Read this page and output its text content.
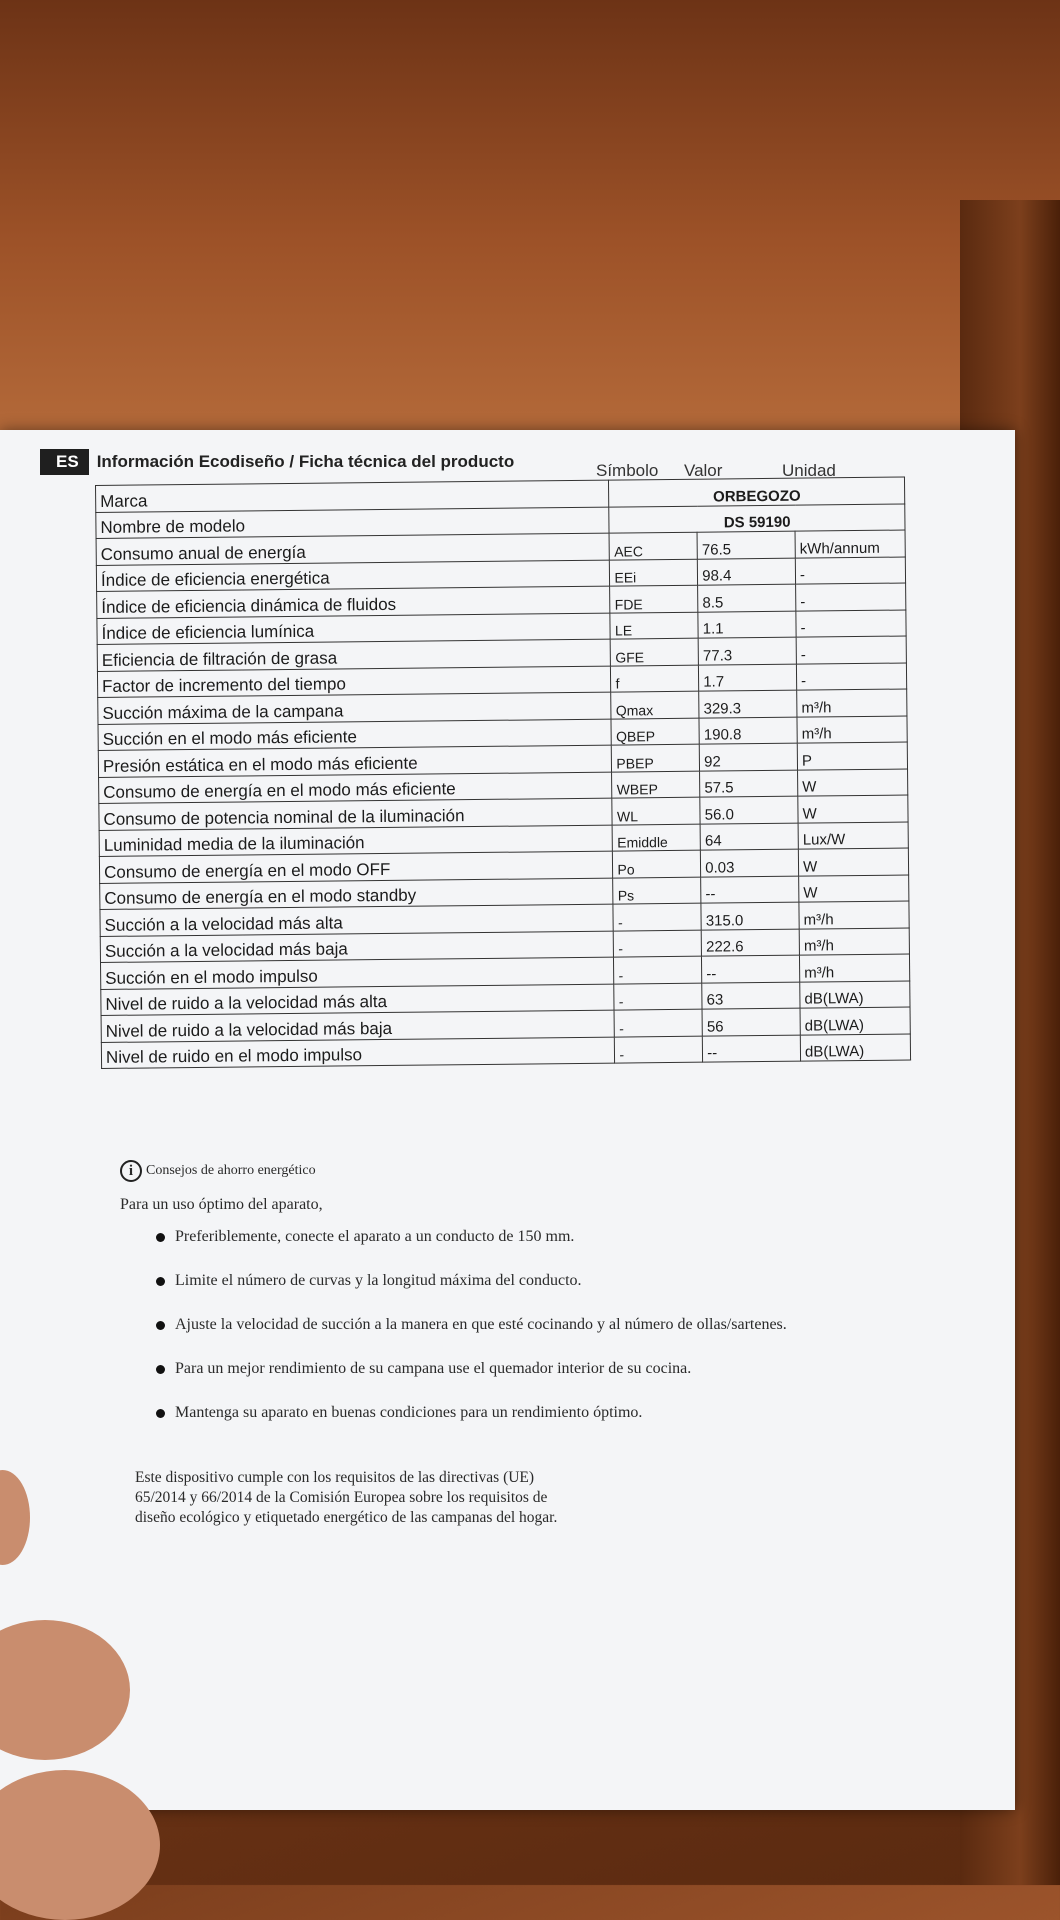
ES	Información Ecodiseño / Ficha técnica del producto	Símbolo Valor	Unidad
Marca	ORBEGOZO		
Nombre de modelo	DS 59190		
Consumo anual de energía	AEC	76.5	kWh/annum
Índice de eficiencia energética	EEi	98.4	-
Índice de eficiencia dinámica de fluidos	FDE	8.5	-
Índice de eficiencia lumínica	LE	1.1	-
Eficiencia de filtración de grasa	GFE	77.3	-
Factor de incremento del tiempo	f	1.7	-
Succión máxima de la campana	Qmax	329.3	m³/h
Succión en el modo más eficiente	QBEP	190.8	m³/h
Presión estática en el modo más eficiente	PBEP	92	P
Consumo de energía en el modo más eficiente	WBEP	57.5	W
Consumo de potencia nominal de la iluminación	WL	56.0	W
Luminidad media de la iluminación	Emiddle	64	Lux/W
Consumo de energía en el modo OFF	Po	0.03	W
Consumo de energía en el modo standby	Ps	--	W
Succión a la velocidad más alta	-	315.0	m³/h
Succión a la velocidad más baja	-	222.6	m³/h
Succión en el modo impulso	-	--	m³/h
Nivel de ruido a la velocidad más alta	-	63	dB(LWA)
Nivel de ruido a la velocidad más baja	-	56	dB(LWA)
Nivel de ruido en el modo impulso	-	--	dB(LWA)
i Consejos de ahorro energético
Para un uso óptimo del aparato,
Preferiblemente, conecte el aparato a un conducto de 150 mm.
Limite el número de curvas y la longitud máxima del conducto.
Ajuste la velocidad de succión a la manera en que esté cocinando y al número de ollas/sartenes.
Para un mejor rendimiento de su campana use el quemador interior de su cocina.
Mantenga su aparato en buenas condiciones para un rendimiento óptimo.
Este dispositivo cumple con los requisitos de las directivas (UE)
65/2014 y 66/2014 de la Comisión Europea sobre los requisitos de
diseño ecológico y etiquetado energético de las campanas del hogar.
